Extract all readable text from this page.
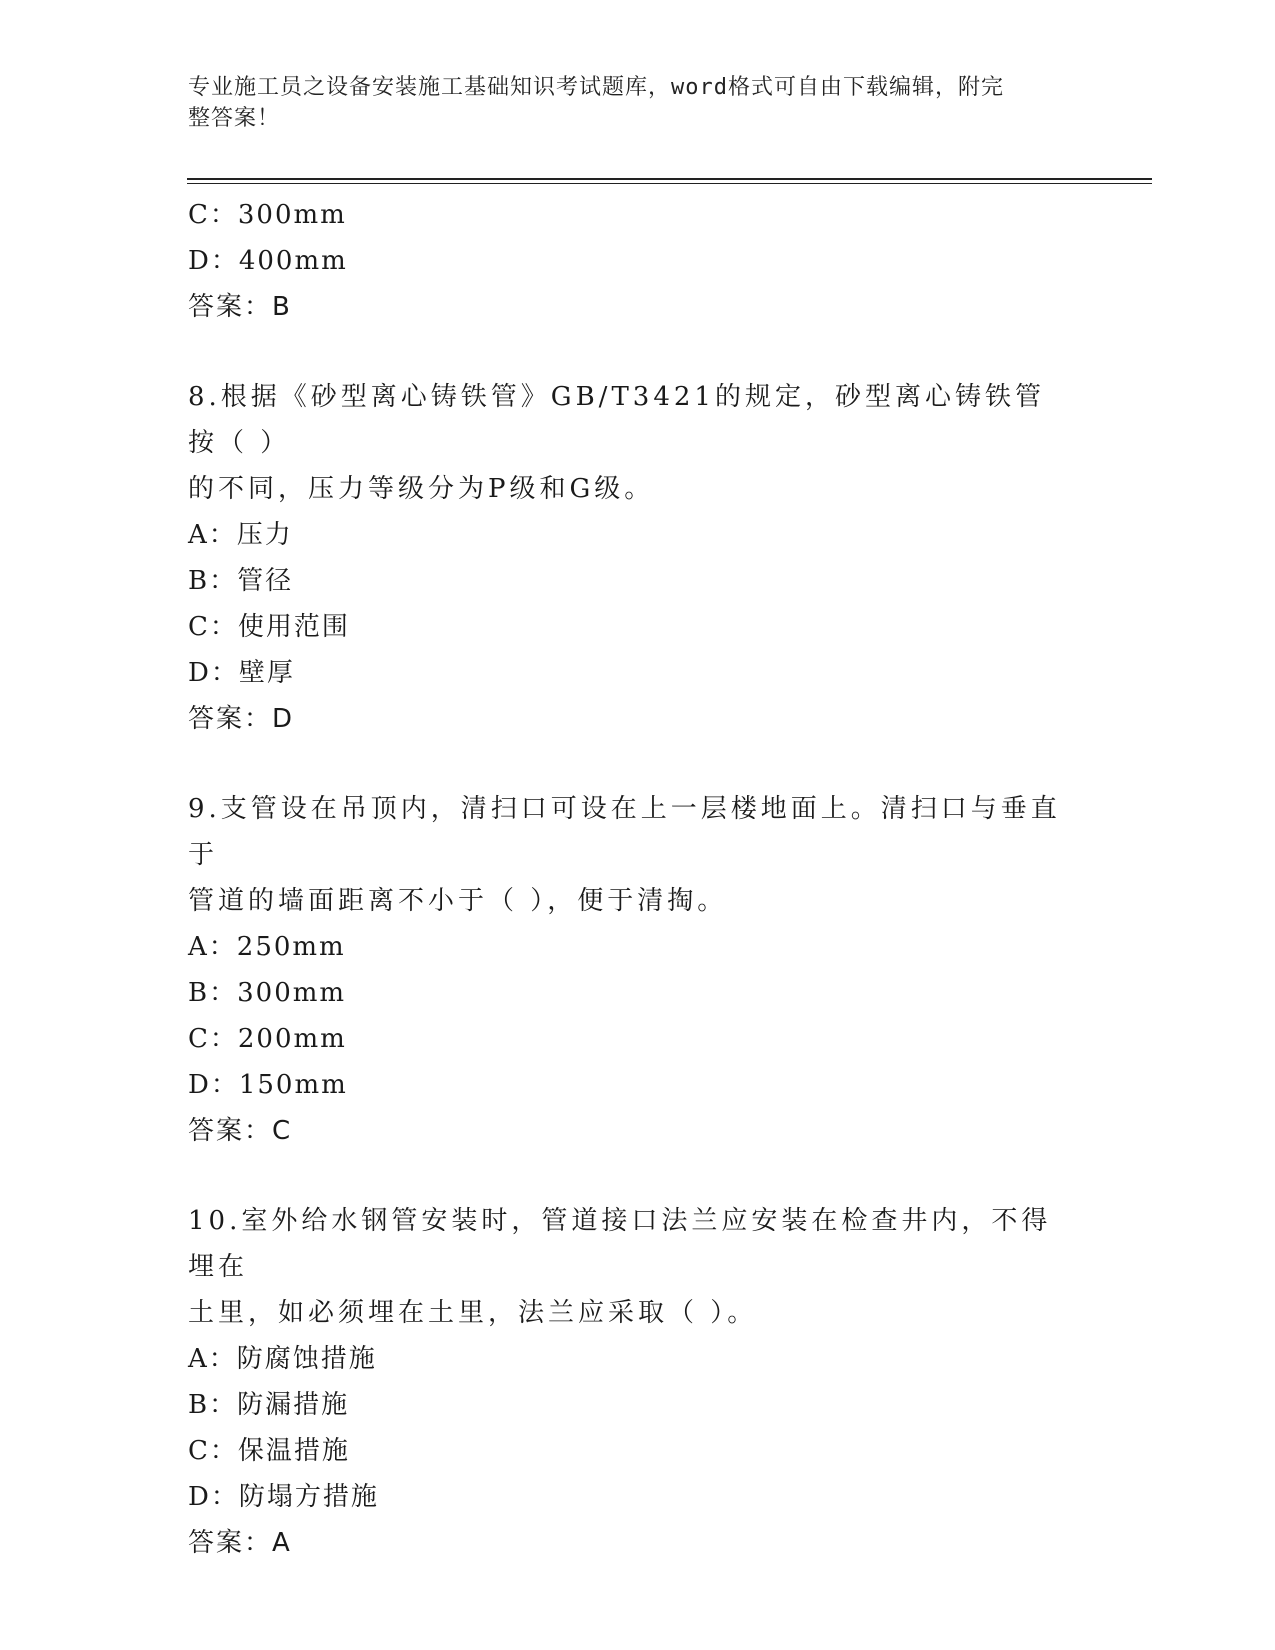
专业施工员之设备安装施工基础知识考试题库，word格式可自由下载编辑，附完
整答案！
C：300mm
D：400mm
答案：B
8.根据《砂型离心铸铁管》GB/T3421的规定，砂型离心铸铁管按（ ）
的不同，压力等级分为P级和G级。
A：压力
B：管径
C：使用范围
D：壁厚
答案：D
9.支管设在吊顶内，清扫口可设在上一层楼地面上。清扫口与垂直于
管道的墙面距离不小于（ ），便于清掏。
A：250mm
B：300mm
C：200mm
D：150mm
答案：C
10.室外给水钢管安装时，管道接口法兰应安装在检查井内，不得埋在
土里，如必须埋在土里，法兰应采取（ ）。
A：防腐蚀措施
B：防漏措施
C：保温措施
D：防塌方措施
答案：A
